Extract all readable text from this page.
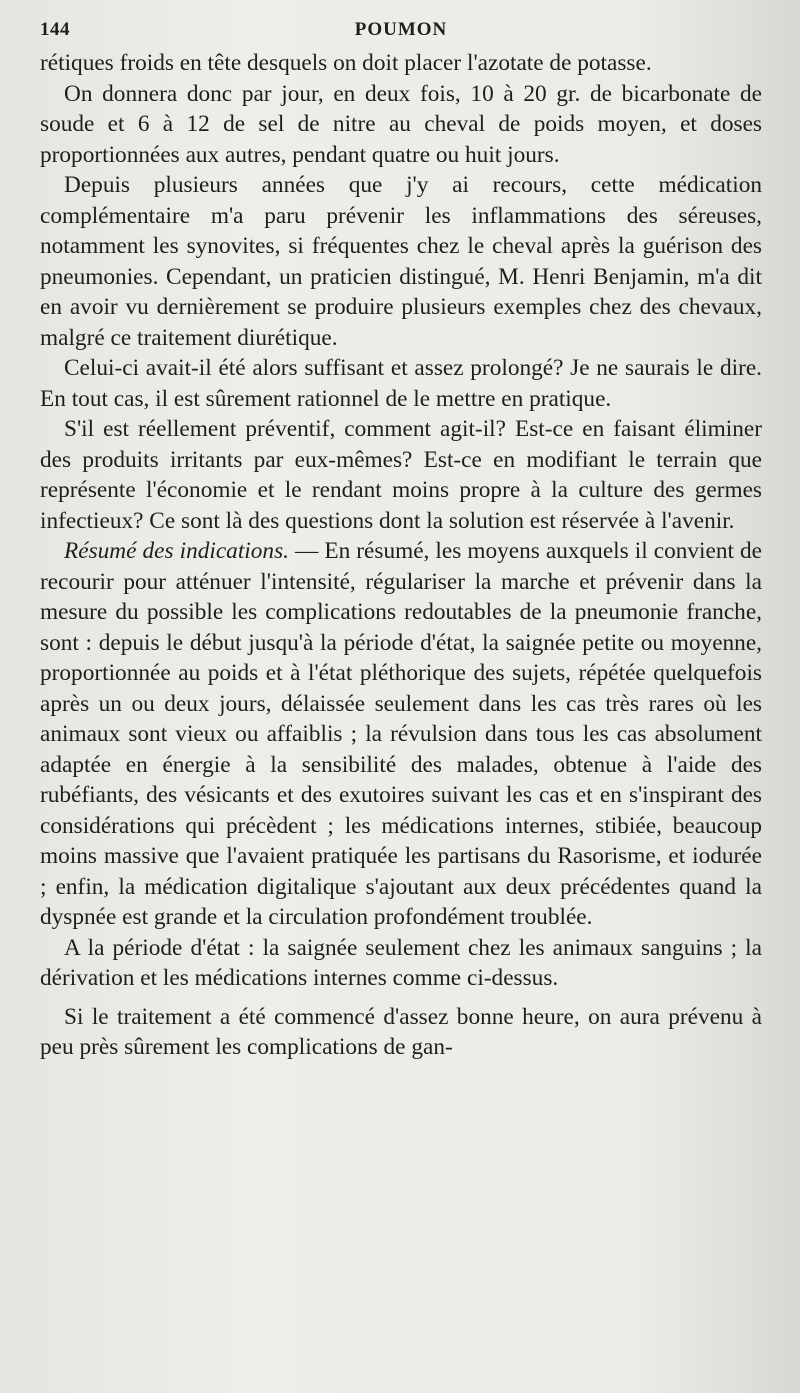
144	POUMON

rétiques froids en tête desquels on doit placer l'azotate de potasse.

On donnera donc par jour, en deux fois, 10 à 20 gr. de bicarbonate de soude et 6 à 12 de sel de nitre au cheval de poids moyen, et doses proportionnées aux autres, pendant quatre ou huit jours.

Depuis plusieurs années que j'y ai recours, cette médication complémentaire m'a paru prévenir les inflammations des séreuses, notamment les synovites, si fréquentes chez le cheval après la guérison des pneumonies. Cependant, un praticien distingué, M. Henri Benjamin, m'a dit en avoir vu dernièrement se produire plusieurs exemples chez des chevaux, malgré ce traitement diurétique.

Celui-ci avait-il été alors suffisant et assez prolongé? Je ne saurais le dire. En tout cas, il est sûrement rationnel de le mettre en pratique.

S'il est réellement préventif, comment agit-il? Est-ce en faisant éliminer des produits irritants par eux-mêmes? Est-ce en modifiant le terrain que représente l'économie et le rendant moins propre à la culture des germes infectieux? Ce sont là des questions dont la solution est réservée à l'avenir.

Résumé des indications. — En résumé, les moyens auxquels il convient de recourir pour atténuer l'intensité, régulariser la marche et prévenir dans la mesure du possible les complications redoutables de la pneumonie franche, sont : depuis le début jusqu'à la période d'état, la saignée petite ou moyenne, proportionnée au poids et à l'état pléthorique des sujets, répétée quelquefois après un ou deux jours, délaissée seulement dans les cas très rares où les animaux sont vieux ou affaiblis ; la révulsion dans tous les cas absolument adaptée en énergie à la sensibilité des malades, obtenue à l'aide des rubéfiants, des vésicants et des exutoires suivant les cas et en s'inspirant des considérations qui précèdent ; les médications internes, stibiée, beaucoup moins massive que l'avaient pratiquée les partisans du Rasorisme, et iodurée ; enfin, la médication digitalique s'ajoutant aux deux précédentes quand la dyspnée est grande et la circulation profondément troublée.

A la période d'état : la saignée seulement chez les animaux sanguins ; la dérivation et les médications internes comme ci-dessus.

Si le traitement a été commencé d'assez bonne heure, on aura prévenu à peu près sûrement les complications de gan-
